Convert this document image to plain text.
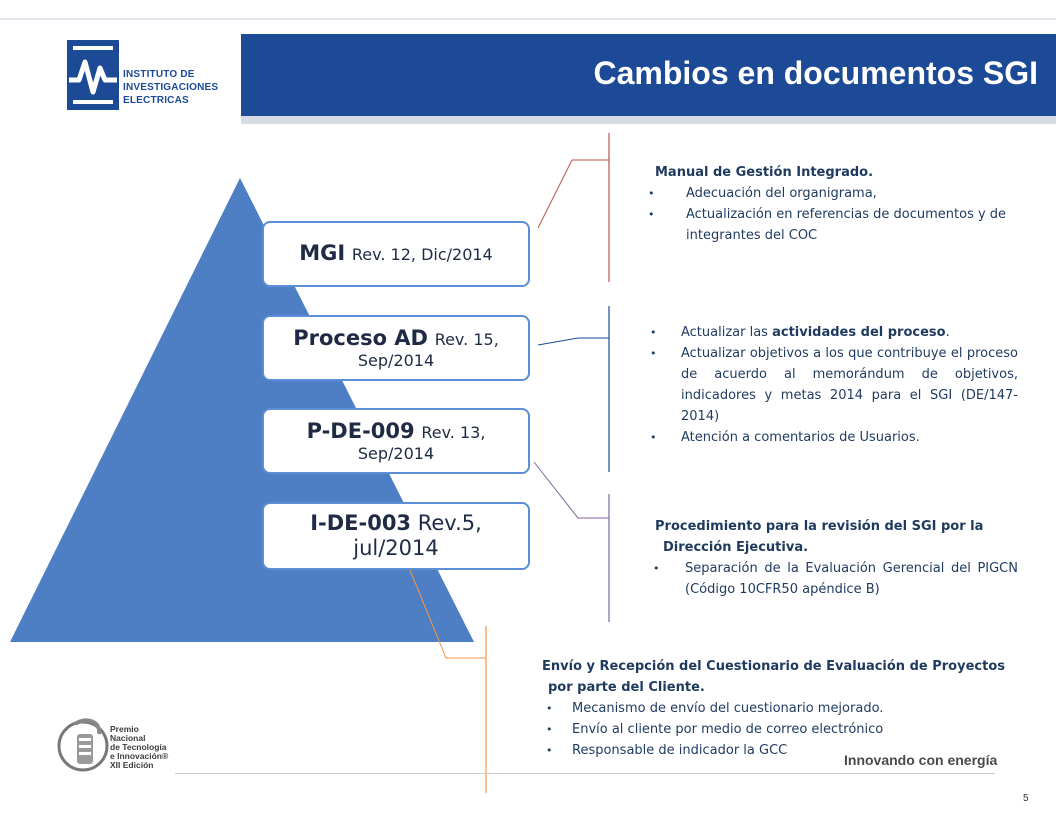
INSTITUTO DE
INVESTIGACIONES
ELECTRICAS
Cambios en documentos SGI
MGI Rev. 12, Dic/2014
Proceso AD Rev. 15,
Sep/2014
P-DE-009 Rev. 13,
Sep/2014
I-DE-003 Rev.5,
jul/2014
Manual de Gestión Integrado.
• Adecuación del organigrama,
• Actualización en referencias de documentos y de integrantes del COC
• Actualizar las actividades del proceso.
• Actualizar objetivos a los que contribuye el proceso de acuerdo al memorándum de objetivos, indicadores y metas 2014 para el SGI (DE/147-2014)
• Atención a comentarios de Usuarios.
Procedimiento para la revisión del SGI por la
Dirección Ejecutiva.
• Separación de la Evaluación Gerencial del PIGCN (Código 10CFR50 apéndice B)
Envío y Recepción del Cuestionario de Evaluación de Proyectos
por parte del Cliente.
• Mecanismo de envío del cuestionario mejorado.
• Envío al cliente por medio de correo electrónico
• Responsable de indicador la GCC
Premio
Nacional
de Tecnología
e Innovación®
XII Edición	Innovando con energía
5
